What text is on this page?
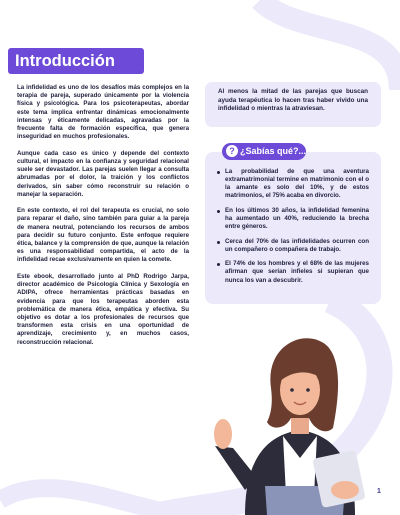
Introducción

La infidelidad es uno de los desafíos más complejos en la terapia de pareja, superado únicamente por la violencia física y psicológica. Para los psicoterapeutas, abordar este tema implica enfrentar dinámicas emocionalmente intensas y éticamente delicadas, agravadas por la frecuente falta de formación específica, que genera inseguridad en muchos profesionales.

Aunque cada caso es único y depende del contexto cultural, el impacto en la confianza y seguridad relacional suele ser devastador. Las parejas suelen llegar a consulta abrumadas por el dolor, la traición y los conflictos derivados, sin saber cómo reconstruir su relación o manejar la separación.

En este contexto, el rol del terapeuta es crucial, no solo para reparar el daño, sino también para guiar a la pareja de manera neutral, potenciando los recursos de ambos para decidir su futuro conjunto. Este enfoque requiere ética, balance y la comprensión de que, aunque la relación es una responsabilidad compartida, el acto de la infidelidad recae exclusivamente en quien la comete.

Este ebook, desarrollado junto al PhD Rodrigo Jarpa, director académico de Psicología Clínica y Sexología en ADIPA, ofrece herramientas prácticas basadas en evidencia para que los terapeutas aborden esta problemática de manera ética, empática y efectiva. Su objetivo es dotar a los profesionales de recursos que transformen esta crisis en una oportunidad de aprendizaje, crecimiento y, en muchos casos, reconstrucción relacional.

Al menos la mitad de las parejas que buscan ayuda terapéutica lo hacen tras haber vivido una infidelidad o mientras la atraviesan.

La probabilidad de que una aventura extramatrimonial termine en matrimonio con el o la amante es solo del 10%, y de estos matrimonios, el 75% acaba en divorcio.
En los últimos 30 años, la infidelidad femenina ha aumentado un 40%, reduciendo la brecha entre géneros.
Cerca del 70% de las infidelidades ocurren con un compañero o compañera de trabajo.
El 74% de los hombres y el 68% de las mujeres afirman que serían infieles si supieran que nunca los van a descubrir.
? ¿Sabías qué?...
1
